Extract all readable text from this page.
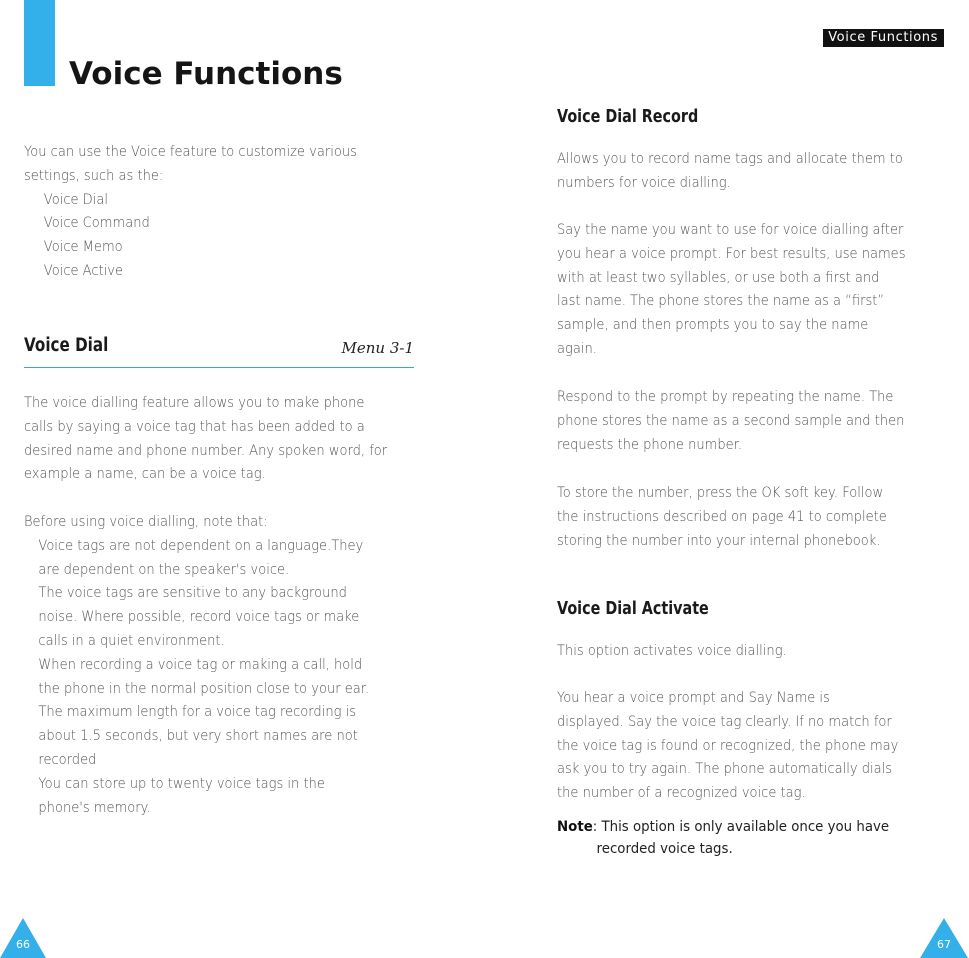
Voice Functions
Voice Functions

You can use the Voice feature to customize various

settings, such as the:

Voice Dial

Voice Command

Voice Memo

Voice Active

Voice Dial	Menu 3-1

The voice dialling feature allows you to make phone

calls by saying a voice tag that has been added to a

desired name and phone number. Any spoken word, for

example a name, can be a voice tag.

Before using voice dialling, note that:

Voice tags are not dependent on a language.They

are dependent on the speaker's voice.

The voice tags are sensitive to any background

noise. Where possible, record voice tags or make

calls in a quiet environment.

When recording a voice tag or making a call, hold

the phone in the normal position close to your ear.

The maximum length for a voice tag recording is

about 1.5 seconds, but very short names are not

recorded

You can store up to twenty voice tags in the

phone's memory.

Voice Dial Record

Allows you to record name tags and allocate them to

numbers for voice dialling.

Say the name you want to use for voice dialling after

you hear a voice prompt. For best results, use names

with at least two syllables, or use both a first and

last name. The phone stores the name as a “first”

sample, and then prompts you to say the name

again.

Respond to the prompt by repeating the name. The

phone stores the name as a second sample and then

requests the phone number.

To store the number, press the OK soft key. Follow

the instructions described on page 41 to complete

storing the number into your internal phonebook.

Voice Dial Activate

This option activates voice dialling.

You hear a voice prompt and Say Name is

displayed. Say the voice tag clearly. If no match for

the voice tag is found or recognized, the phone may

ask you to try again. The phone automatically dials

the number of a recognized voice tag.

Note: This option is only available once you have

recorded voice tags.

66	67
